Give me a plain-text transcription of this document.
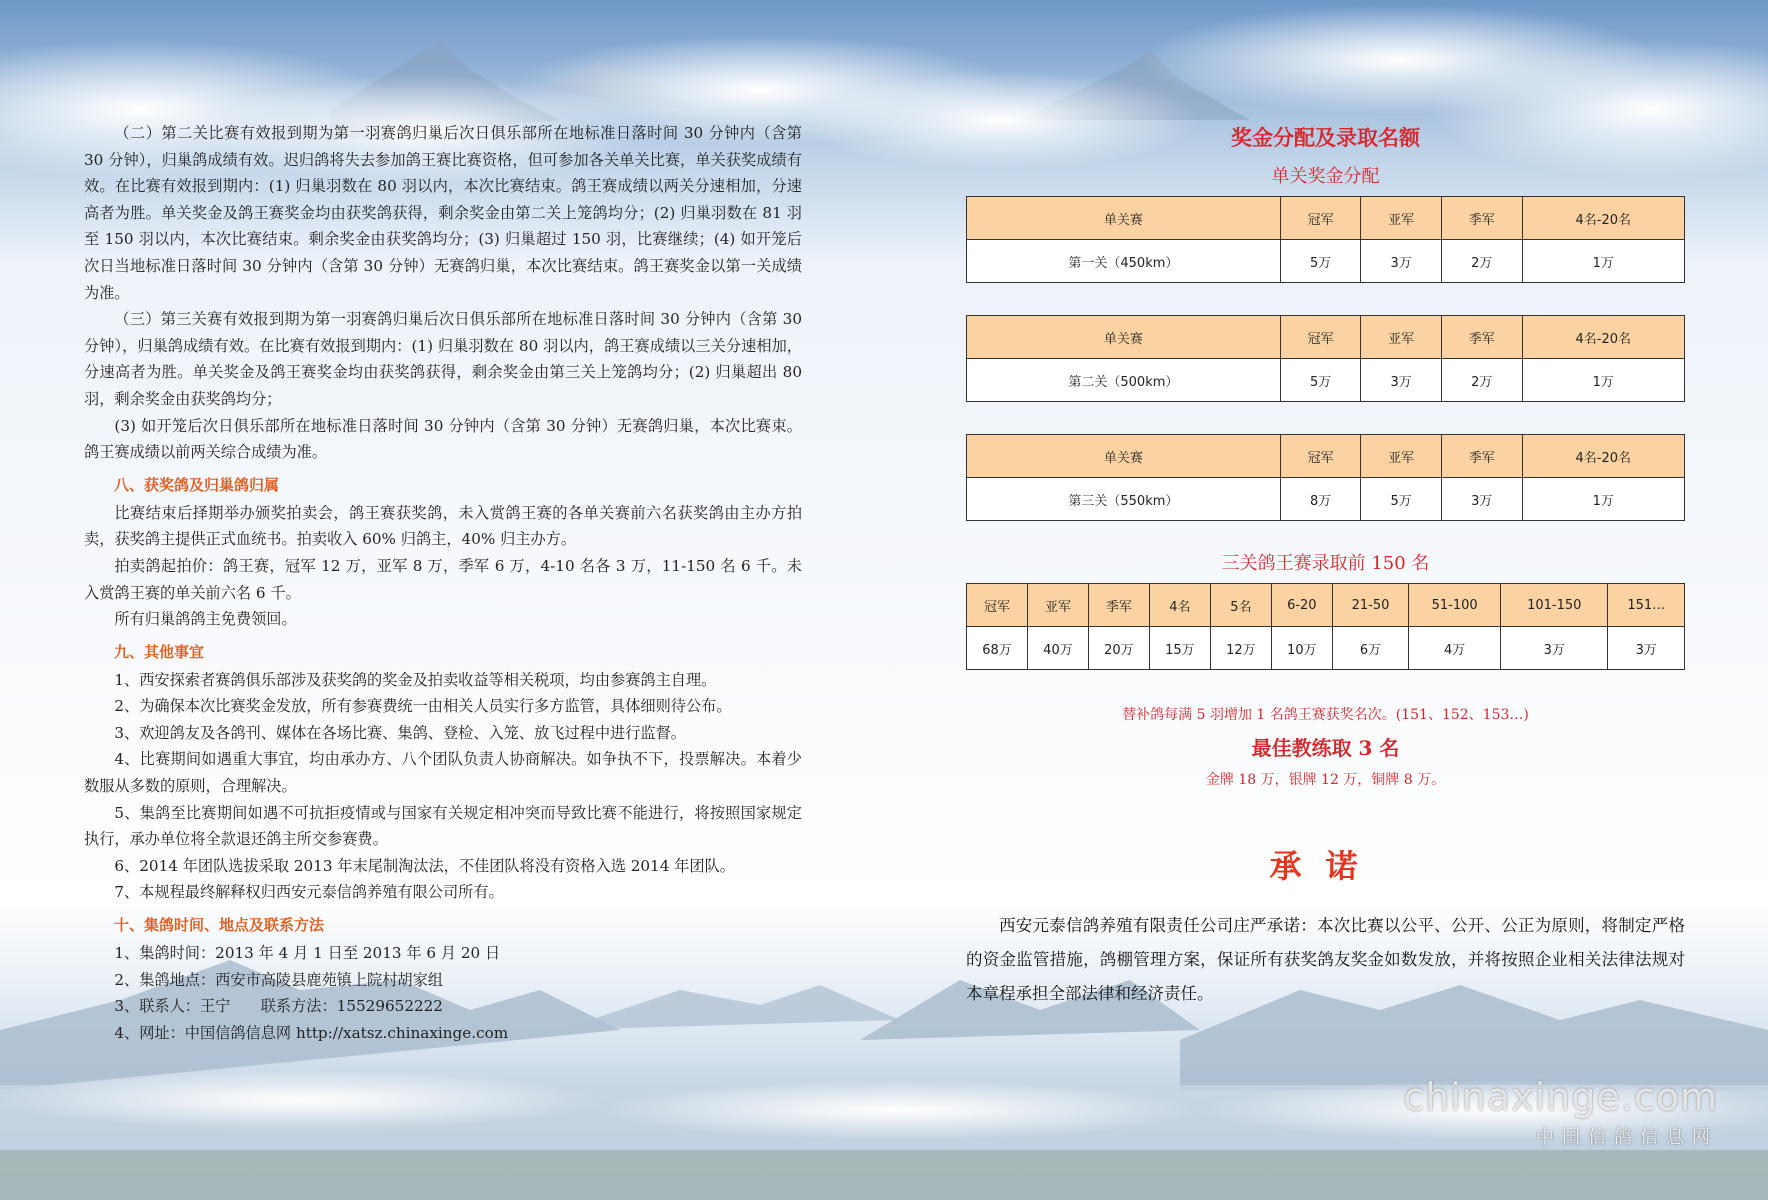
（二）第二关比赛有效报到期为第一羽赛鸽归巢后次日俱乐部所在地标准日落时间 30 分钟内（含第 30 分钟），归巢鸽成绩有效。迟归鸽将失去参加鸽王赛比赛资格，但可参加各关单关比赛，单关获奖成绩有效。在比赛有效报到期内：(1) 归巢羽数在 80 羽以内，本次比赛结束。鸽王赛成绩以两关分速相加，分速高者为胜。单关奖金及鸽王赛奖金均由获奖鸽获得，剩余奖金由第二关上笼鸽均分；(2) 归巢羽数在 81 羽至 150 羽以内，本次比赛结束。剩余奖金由获奖鸽均分；(3) 归巢超过 150 羽，比赛继续；(4) 如开笼后次日当地标准日落时间 30 分钟内（含第 30 分钟）无赛鸽归巢，本次比赛结束。鸽王赛奖金以第一关成绩为准。

（三）第三关赛有效报到期为第一羽赛鸽归巢后次日俱乐部所在地标准日落时间 30 分钟内（含第 30 分钟），归巢鸽成绩有效。在比赛有效报到期内：(1) 归巢羽数在 80 羽以内，鸽王赛成绩以三关分速相加，分速高者为胜。单关奖金及鸽王赛奖金均由获奖鸽获得，剩余奖金由第三关上笼鸽均分；(2) 归巢超出 80 羽，剩余奖金由获奖鸽均分；

(3) 如开笼后次日俱乐部所在地标准日落时间 30 分钟内（含第 30 分钟）无赛鸽归巢，本次比赛束。鸽王赛成绩以前两关综合成绩为准。

八、获奖鸽及归巢鸽归属

比赛结束后择期举办颁奖拍卖会，鸽王赛获奖鸽，未入赏鸽王赛的各单关赛前六名获奖鸽由主办方拍卖，获奖鸽主提供正式血统书。拍卖收入 60% 归鸽主，40% 归主办方。

拍卖鸽起拍价：鸽王赛，冠军 12 万，亚军 8 万，季军 6 万，4-10 名各 3 万，11-150 名 6 千。未入赏鸽王赛的单关前六名 6 千。

所有归巢鸽鸽主免费领回。

九、其他事宜

1、西安探索者赛鸽俱乐部涉及获奖鸽的奖金及拍卖收益等相关税项，均由参赛鸽主自理。

2、为确保本次比赛奖金发放，所有参赛费统一由相关人员实行多方监管，具体细则待公布。

3、欢迎鸽友及各鸽刊、媒体在各场比赛、集鸽、登检、入笼、放飞过程中进行监督。

4、比赛期间如遇重大事宜，均由承办方、八个团队负责人协商解决。如争执不下，投票解决。本着少数服从多数的原则，合理解决。

5、集鸽至比赛期间如遇不可抗拒疫情或与国家有关规定相冲突而导致比赛不能进行，将按照国家规定执行，承办单位将全款退还鸽主所交参赛费。

6、2014 年团队选拔采取 2013 年末尾制淘汰法，不佳团队将没有资格入选 2014 年团队。

7、本规程最终解释权归西安元泰信鸽养殖有限公司所有。

十、集鸽时间、地点及联系方法

1、集鸽时间：2013 年 4 月 1 日至 2013 年 6 月 20 日

2、集鸽地点：西安市高陵县鹿苑镇上院村胡家组

3、联系人：王宁　　联系方法：15529652222

4、网址：中国信鸽信息网 http://xatsz.chinaxinge.com

奖金分配及录取名额
单关奖金分配
单关赛	冠军	亚军	季军	4名-20名
第一关（450km）	5万	3万	2万	1万
单关赛	冠军	亚军	季军	4名-20名
第二关（500km）	5万	3万	2万	1万
单关赛	冠军	亚军	季军	4名-20名
第三关（550km）	8万	5万	3万	1万
三关鸽王赛录取前 150 名
冠军	亚军	季军	4名	5名	6-20	21-50	51-100	101-150	151…
68万	40万	20万	15万	12万	10万	6万	4万	3万	3万
替补鸽每满 5 羽增加 1 名鸽王赛获奖名次。(151、152、153…)
最佳教练取 3 名
金牌 18 万，银牌 12 万，铜牌 8 万。
承诺
西安元泰信鸽养殖有限责任公司庄严承诺：本次比赛以公平、公开、公正为原则，将制定严格的资金监管措施，鸽棚管理方案，保证所有获奖鸽友奖金如数发放，并将按照企业相关法律法规对本章程承担全部法律和经济责任。
chinaxinge.com
中国信鸽信息网
